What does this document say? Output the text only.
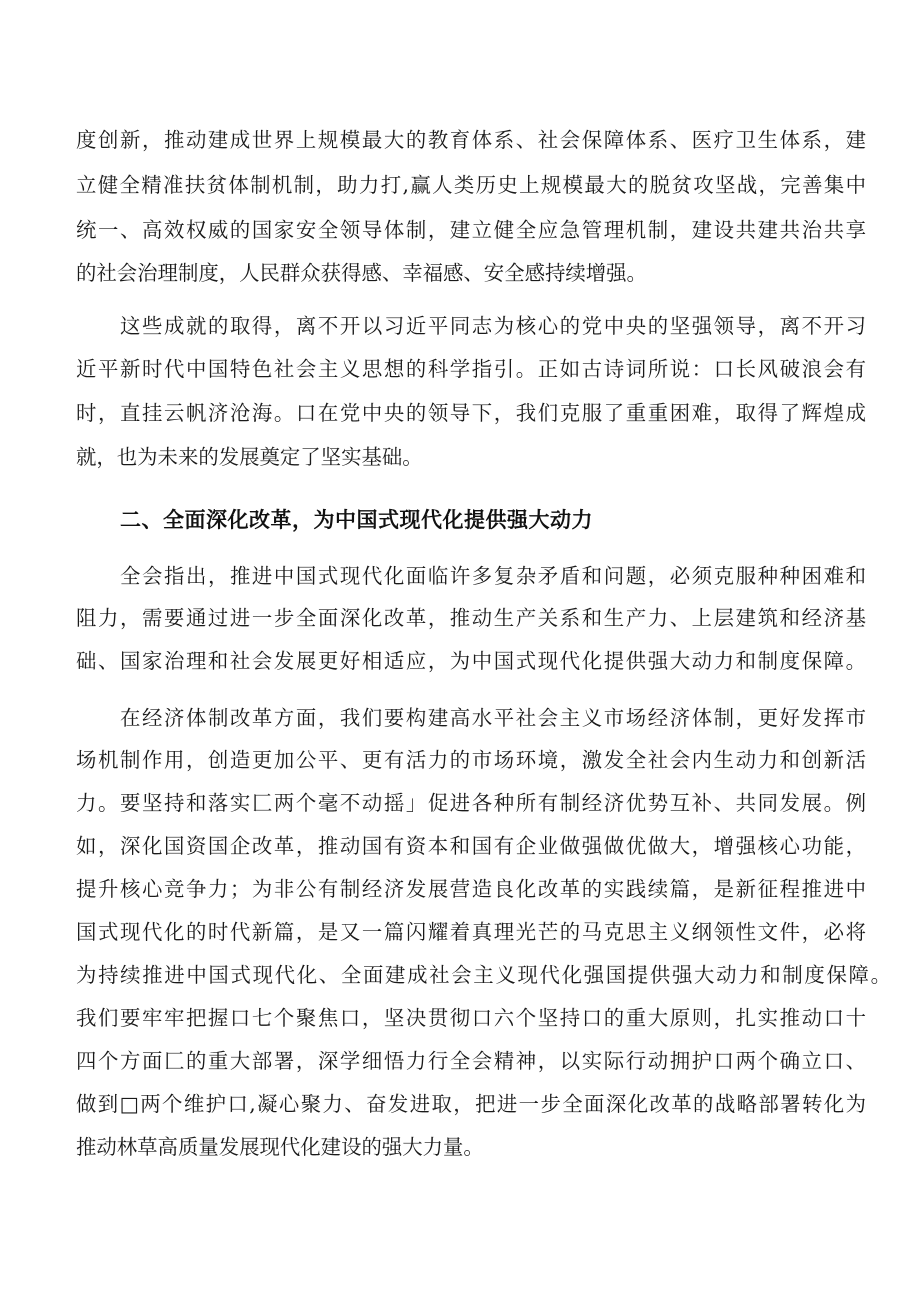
度创新，推动建成世界上规模最大的教育体系、社会保障体系、医疗卫生体系，建

立健全精准扶贫体制机制，助力打,赢人类历史上规模最大的脱贫攻坚战，完善集中

统一、高效权威的国家安全领导体制，建立健全应急管理机制，建设共建共治共享

的社会治理制度，人民群众获得感、幸福感、安全感持续增强。

这些成就的取得，离不开以习近平同志为核心的党中央的坚强领导，离不开习

近平新时代中国特色社会主义思想的科学指引。正如古诗词所说：口长风破浪会有

时，直挂云帆济沧海。口在党中央的领导下，我们克服了重重困难，取得了辉煌成

就，也为未来的发展奠定了坚实基础。

二、全面深化改革，为中国式现代化提供强大动力

全会指出，推进中国式现代化面临许多复杂矛盾和问题，必须克服种种困难和

阻力，需要通过进一步全面深化改革，推动生产关系和生产力、上层建筑和经济基

础、国家治理和社会发展更好相适应，为中国式现代化提供强大动力和制度保障。

在经济体制改革方面，我们要构建高水平社会主义市场经济体制，更好发挥市

场机制作用，创造更加公平、更有活力的市场环境，激发全社会内生动力和创新活

力。要坚持和落实匚两个毫不动摇」促进各种所有制经济优势互补、共同发展。例

如，深化国资国企改革，推动国有资本和国有企业做强做优做大，增强核心功能，

提升核心竞争力；为非公有制经济发展营造良化改革的实践续篇，是新征程推进中

国式现代化的时代新篇，是又一篇闪耀着真理光芒的马克思主义纲领性文件，必将

为持续推进中国式现代化、全面建成社会主义现代化强国提供强大动力和制度保障。

我们要牢牢把握口七个聚焦口，坚决贯彻口六个坚持口的重大原则，扎实推动口十

四个方面匚的重大部署，深学细悟力行全会精神，以实际行动拥护口两个确立口、

做到□两个维护口,凝心聚力、奋发进取，把进一步全面深化改革的战略部署转化为

推动林草高质量发展现代化建设的强大力量。
